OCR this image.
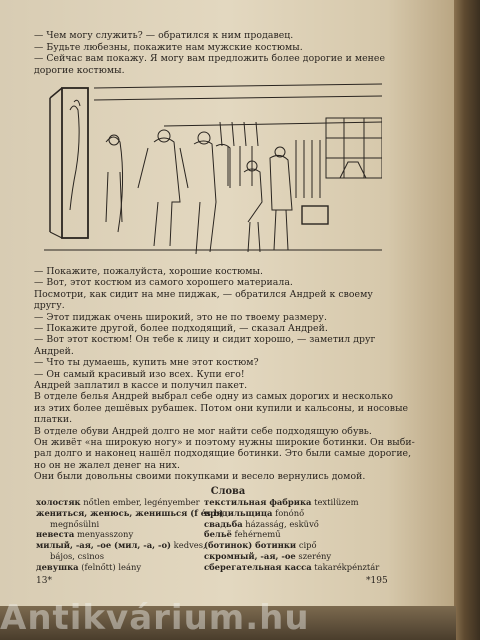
— Чем могу служить? — обратился к ним продавец.
— Будьте любезны, покажите нам мужские костюмы.
— Сейчас вам покажу. Я могу вам предложить более дорогие и менее
дорогие костюмы.
— Покажите, пожалуйста, хорошие костюмы.
— Вот, этот костюм из самого хорошего материала.
Посмотри, как сидит на мне пиджак, — обратился Андрей к своему
другу.
— Этот пиджак очень широкий, это не по твоему размеру.
— Покажите другой, более подходящий, — сказал Андрей.
— Вот этот костюм! Он тебе к лицу и сидит хорошо, — заметил друг
Андрей.
— Что ты думаешь, купить мне этот костюм?
— Он самый красивый изо всех. Купи его!
Андрей заплатил в кассе и получил пакет.
В отделе белья Андрей выбрал себе одну из самых дорогих и несколько
из этих более дешёвых рубашек. Потом они купили и кальсоны, и носовые
платки.
В отделе обуви Андрей долго не мог найти себе подходящую обувь.
Он живёт «на широкую ногу» и поэтому нужны широкие ботинки. Он выби-
рал долго и наконец нашёл подходящие ботинки. Это были самые дорогие,
но он не жалел денег на них.
Они были довольны своими покупками и весело вернулись домой.
Слова
холостяк nőtlen ember, legényember
жениться, женюсь, женишься (f és b)
megnősülni
невеста menyasszony
милый, -ая, -ое (мил, -а, -о) kedves,
bájos, csinos
девушка (felnőtt) leány
текстильная фабрика textilüzem
прядильщица fonónő
свадьба házasság, esküvő
бельё fehérnemű
(ботинок) ботинки cipő
скромный, -ая, -ое szerény
сберегательная касса takarékpénztár
13*	*195
Antikvárium.hu
